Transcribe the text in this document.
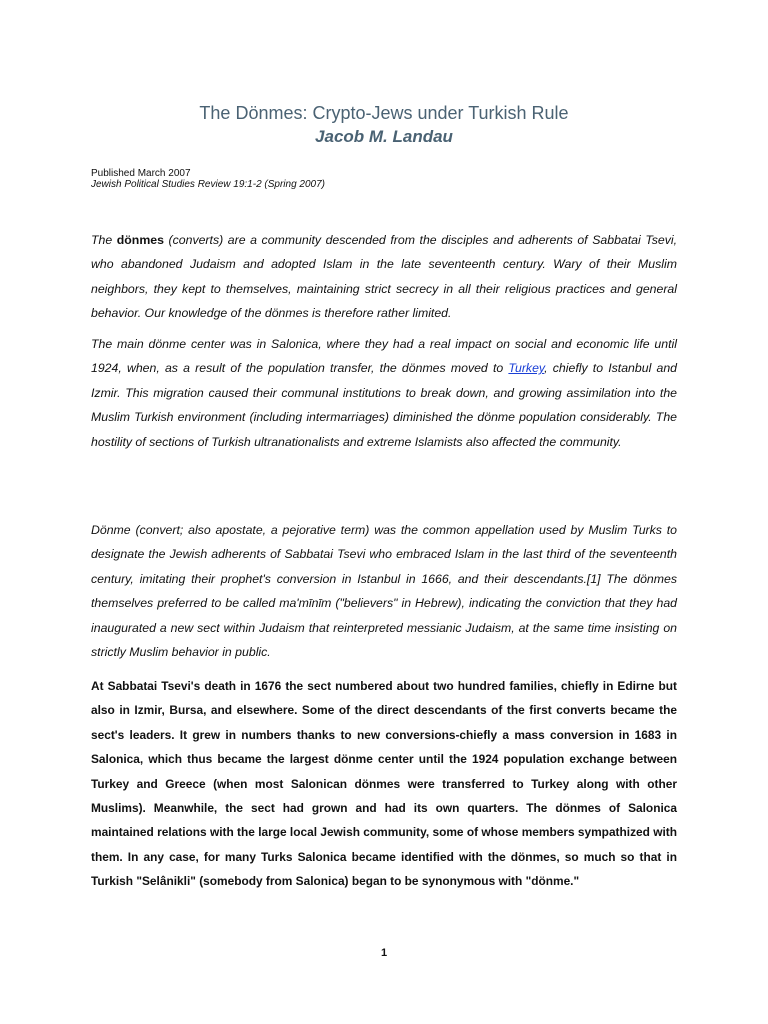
The Dönmes: Crypto-Jews under Turkish Rule
Jacob M. Landau
Published March 2007
Jewish Political Studies Review 19:1-2 (Spring 2007)

The dönmes (converts) are a community descended from the disciples and adherents of Sabbatai Tsevi, who abandoned Judaism and adopted Islam in the late seventeenth century. Wary of their Muslim neighbors, they kept to themselves, maintaining strict secrecy in all their religious practices and general behavior. Our knowledge of the dönmes is therefore rather limited.

The main dönme center was in Salonica, where they had a real impact on social and economic life until 1924, when, as a result of the population transfer, the dönmes moved to Turkey, chiefly to Istanbul and Izmir. This migration caused their communal institutions to break down, and growing assimilation into the Muslim Turkish environment (including intermarriages) diminished the dönme population considerably. The hostility of sections of Turkish ultranationalists and extreme Islamists also affected the community.

Dönme (convert; also apostate, a pejorative term) was the common appellation used by Muslim Turks to designate the Jewish adherents of Sabbatai Tsevi who embraced Islam in the last third of the seventeenth century, imitating their prophet's conversion in Istanbul in 1666, and their descendants.[1] The dönmes themselves preferred to be called ma'mīnīm ("believers" in Hebrew), indicating the conviction that they had inaugurated a new sect within Judaism that reinterpreted messianic Judaism, at the same time insisting on strictly Muslim behavior in public.

At Sabbatai Tsevi's death in 1676 the sect numbered about two hundred families, chiefly in Edirne but also in Izmir, Bursa, and elsewhere. Some of the direct descendants of the first converts became the sect's leaders. It grew in numbers thanks to new conversions-chiefly a mass conversion in 1683 in Salonica, which thus became the largest dönme center until the 1924 population exchange between Turkey and Greece (when most Salonican dönmes were transferred to Turkey along with other Muslims). Meanwhile, the sect had grown and had its own quarters. The dönmes of Salonica maintained relations with the large local Jewish community, some of whose members sympathized with them. In any case, for many Turks Salonica became identified with the dönmes, so much so that in Turkish "Selânikli" (somebody from Salonica) began to be synonymous with "dönme."

1
